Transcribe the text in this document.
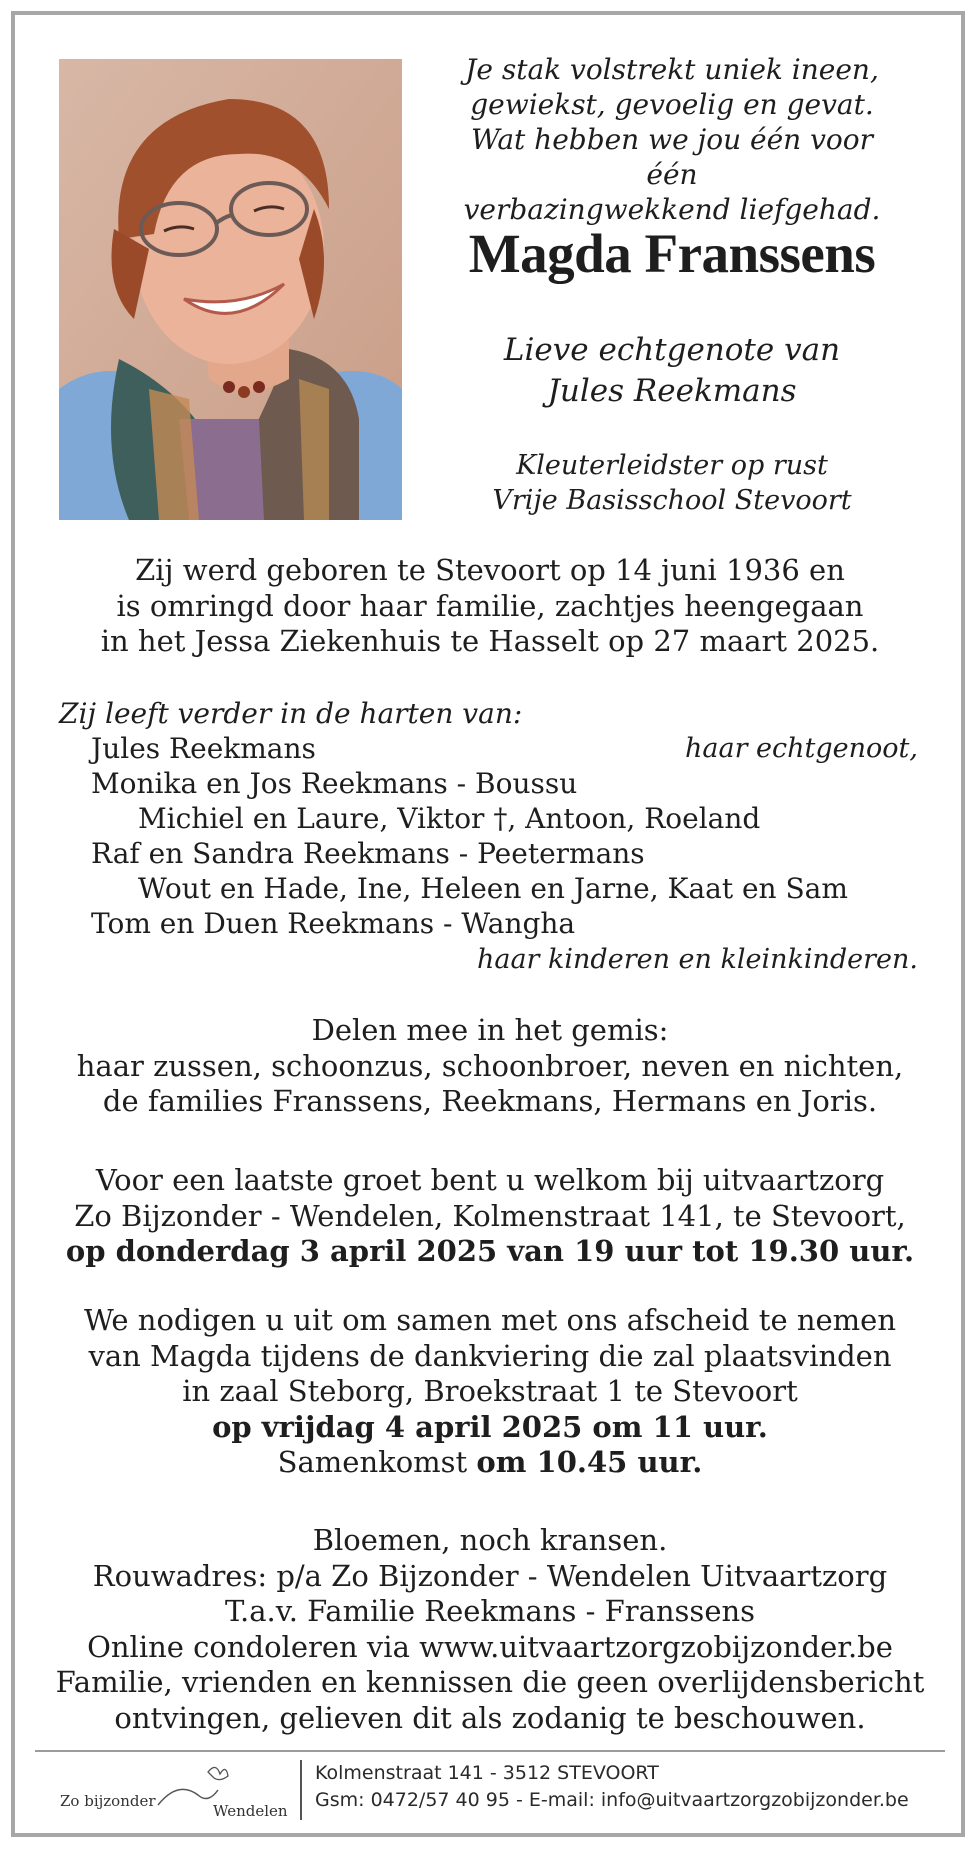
Je stak volstrekt uniek ineen,
gewiekst, gevoelig en gevat.
Wat hebben we jou één voor één
verbazingwekkend liefgehad.
Magda Franssens
Lieve echtgenote van
Jules Reekmans
Kleuterleidster op rust
Vrije Basisschool Stevoort
Zij werd geboren te Stevoort op 14 juni 1936 en
is omringd door haar familie, zachtjes heengegaan
in het Jessa Ziekenhuis te Hasselt op 27 maart 2025.
Zij leeft verder in de harten van:
Jules Reekmans	haar echtgenoot,
Monika en Jos Reekmans - Boussu
Michiel en Laure, Viktor †, Antoon, Roeland
Raf en Sandra Reekmans - Peetermans
Wout en Hade, Ine, Heleen en Jarne, Kaat en Sam
Tom en Duen Reekmans - Wangha
haar kinderen en kleinkinderen.
Delen mee in het gemis:
haar zussen, schoonzus, schoonbroer, neven en nichten,
de families Franssens, Reekmans, Hermans en Joris.
Voor een laatste groet bent u welkom bij uitvaartzorg
Zo Bijzonder - Wendelen, Kolmenstraat 141, te Stevoort,
op donderdag 3 april 2025 van 19 uur tot 19.30 uur.
We nodigen u uit om samen met ons afscheid te nemen
van Magda tijdens de dankviering die zal plaatsvinden
in zaal Steborg, Broekstraat 1 te Stevoort
op vrijdag 4 april 2025 om 11 uur.
Samenkomst om 10.45 uur.
Bloemen, noch kransen.
Rouwadres: p/a Zo Bijzonder - Wendelen Uitvaartzorg
T.a.v. Familie Reekmans - Franssens
Online condoleren via www.uitvaartzorgzobijzonder.be
Familie, vrienden en kennissen die geen overlijdensbericht
ontvingen, gelieven dit als zodanig te beschouwen.
Zo bijzonder
Wendelen
Kolmenstraat 141 - 3512 STEVOORT
Gsm: 0472/57 40 95 - E-mail: info@uitvaartzorgzobijzonder.be
